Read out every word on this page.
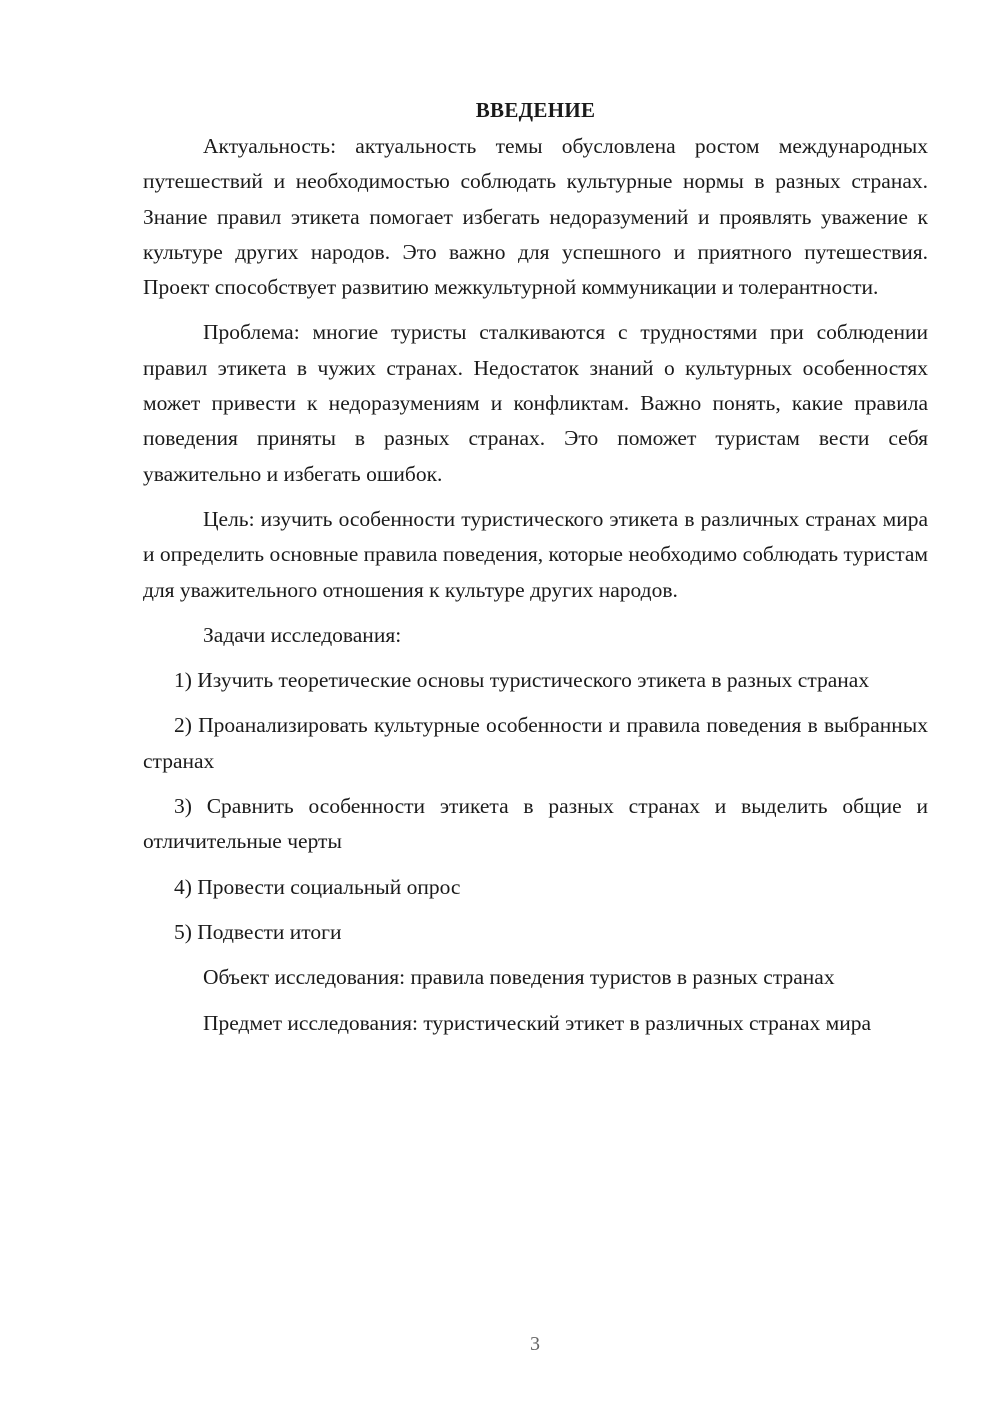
ВВЕДЕНИЕ

Актуальность: актуальность темы обусловлена ростом международных путешествий и необходимостью соблюдать культурные нормы в разных странах. Знание правил этикета помогает избегать недоразумений и проявлять уважение к культуре других народов. Это важно для успешного и приятного путешествия. Проект способствует развитию межкультурной коммуникации и толерантности.

Проблема: многие туристы сталкиваются с трудностями при соблюдении правил этикета в чужих странах. Недостаток знаний о культурных особенностях может привести к недоразумениям и конфликтам. Важно понять, какие правила поведения приняты в разных странах. Это поможет туристам вести себя уважительно и избегать ошибок.

Цель: изучить особенности туристического этикета в различных странах мира и определить основные правила поведения, которые необходимо соблюдать туристам для уважительного отношения к культуре других народов.

Задачи исследования:

1) Изучить теоретические основы туристического этикета в разных странах

2) Проанализировать культурные особенности и правила поведения в выбранных странах

3) Сравнить особенности этикета в разных странах и выделить общие и отличительные черты

4) Провести социальный опрос

5) Подвести итоги

Объект исследования: правила поведения туристов в разных странах

Предмет исследования: туристический этикет в различных странах мира

3
